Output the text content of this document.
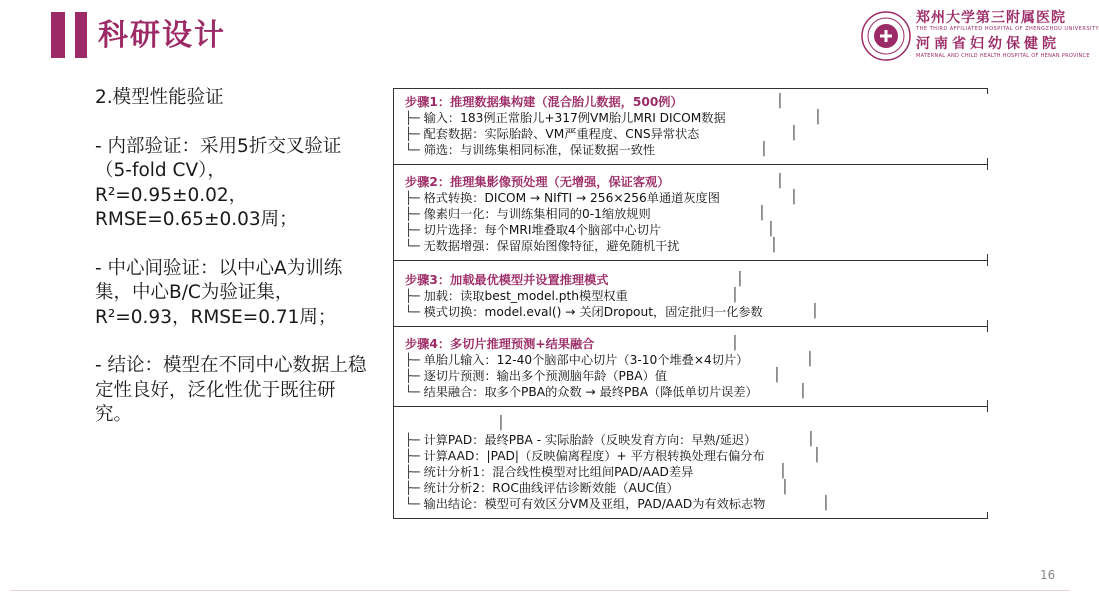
科研设计	郑州大学第三附属医院
THE THIRD AFFILIATED HOSPITAL OF ZHENGZHOU UNIVERSITY
河南省妇幼保健院
MATERNAL AND CHILD HEALTH HOSPITAL OF HENAN PROVINCE

2.模型性能验证

- 内部验证：采用5折交叉验证（5-fold CV），R²=0.95±0.02，RMSE=0.65±0.03周；

- 中心间验证：以中心A为训练集，中心B/C为验证集，R²=0.93，RMSE=0.71周；

- 结论：模型在不同中心数据上稳定性良好，泛化性优于既往研究。

步骤1：推理数据集构建（混合胎儿数据，500例）	│
├─ 输入：183例正常胎儿+317例VM胎儿MRI DICOM数据	│
├─ 配套数据：实际胎龄、VM严重程度、CNS异常状态	│
└─ 筛选：与训练集相同标准，保证数据一致性	│
步骤2：推理集影像预处理（无增强，保证客观）	│
├─ 格式转换：DICOM → NIfTI → 256×256单通道灰度图	│
├─ 像素归一化：与训练集相同的0-1缩放规则	│
├─ 切片选择：每个MRI堆叠取4个脑部中心切片	│
└─ 无数据增强：保留原始图像特征，避免随机干扰	│
步骤3：加载最优模型并设置推理模式	│
├─ 加载：读取best_model.pth模型权重	│
└─ 模式切换：model.eval() → 关闭Dropout，固定批归一化参数	│
步骤4：多切片推理预测+结果融合	│
├─ 单胎儿输入：12-40个脑部中心切片（3-10个堆叠×4切片）	│
├─ 逐切片预测：输出多个预测脑年龄（PBA）值	│
└─ 结果融合：取多个PBA的众数 → 最终PBA（降低单切片误差）	│
│
├─ 计算PAD：最终PBA - 实际胎龄（反映发育方向：早熟/延迟）	│
├─ 计算AAD：|PAD|（反映偏离程度）+ 平方根转换处理右偏分布	│
├─ 统计分析1：混合线性模型对比组间PAD/AAD差异	│
├─ 统计分析2：ROC曲线评估诊断效能（AUC值）	│
└─ 输出结论：模型可有效区分VM及亚组，PAD/AAD为有效标志物	│
16
